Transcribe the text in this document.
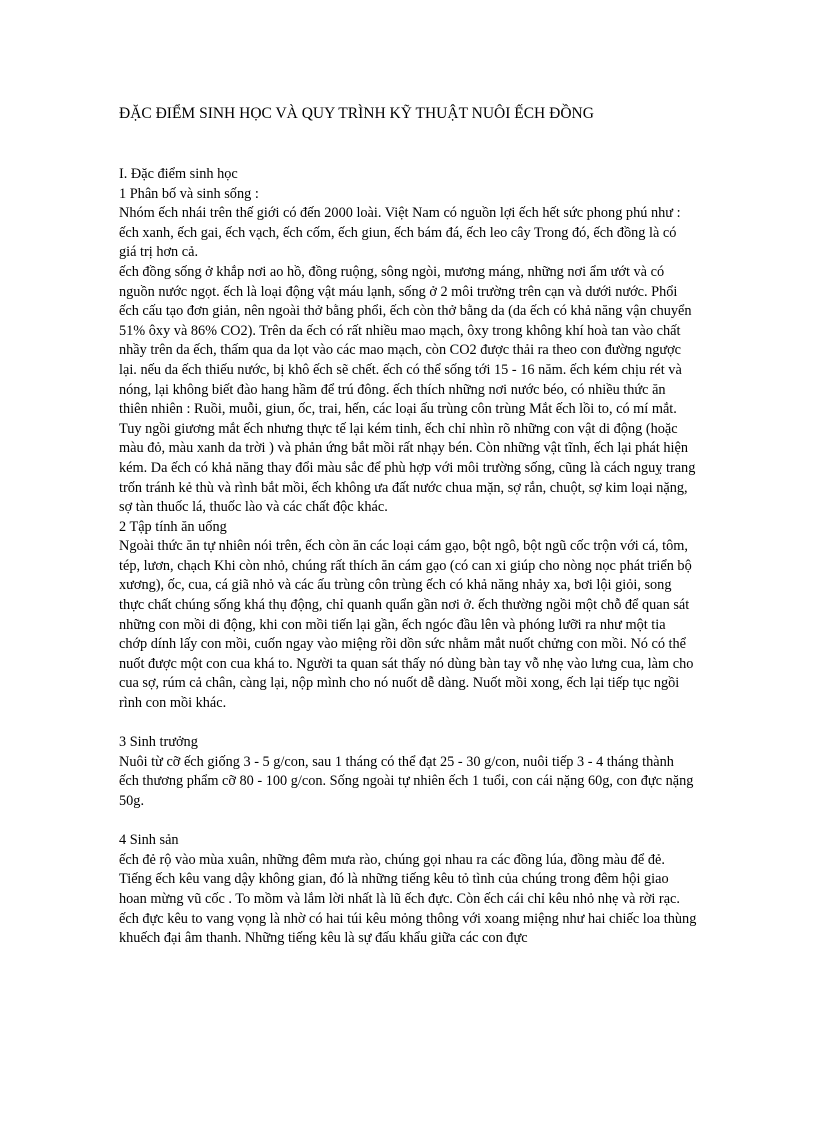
ĐẶC ĐIỂM SINH HỌC VÀ QUY TRÌNH KỸ THUẬT NUÔI ẾCH ĐỒNG

I. Đặc điểm sinh học

1 Phân bố và sinh sống :

Nhóm ếch nhái trên thế giới có đến 2000 loài. Việt Nam có nguồn lợi ếch hết sức phong phú như : ếch xanh, ếch gai, ếch vạch, ếch cốm, ếch giun, ếch bám đá, ếch leo cây Trong đó, ếch đồng là có giá trị hơn cả.

ếch đồng sống ở khắp nơi ao hồ, đồng ruộng, sông ngòi, mương máng, những nơi ẩm ướt và có nguồn nước ngọt. ếch là loại động vật máu lạnh, sống ở 2 môi trường trên cạn và dưới nước. Phổi ếch cấu tạo đơn giản, nên ngoài thở bằng phổi, ếch còn thở bằng da (da ếch có khả năng vận chuyển 51% ôxy và 86% CO2). Trên da ếch có rất nhiều mao mạch, ôxy trong không khí hoà tan vào chất nhầy trên da ếch, thấm qua da lọt vào các mao mạch, còn CO2 được thải ra theo con đường ngược lại. nếu da ếch thiếu nước, bị khô ếch sẽ chết. ếch có thể sống tới 15 - 16 năm. ếch kém chịu rét và nóng, lại không biết đào hang hầm để trú đông. ếch thích những nơi nước béo, có nhiều thức ăn thiên nhiên : Ruồi, muỗi, giun, ốc, trai, hến, các loại ấu trùng côn trùng Mắt ếch lồi to, có mí mắt. Tuy ngồi giương mắt ếch nhưng thực tế lại kém tinh, ếch chỉ nhìn rõ những con vật di động (hoặc màu đỏ, màu xanh da trời ) và phản ứng bắt mồi rất nhạy bén. Còn những vật tĩnh, ếch lại phát hiện kém. Da ếch có khả năng thay đổi màu sắc để phù hợp với môi trường sống, cũng là cách nguỵ trang trốn tránh kẻ thù và rình bắt mồi, ếch không ưa đất nước chua mặn, sợ rắn, chuột, sợ kim loại nặng, sợ tàn thuốc lá, thuốc lào và các chất độc khác.

2 Tập tính ăn uống

Ngoài thức ăn tự nhiên nói trên, ếch còn ăn các loại cám gạo, bột ngô, bột ngũ cốc trộn với cá, tôm, tép, lươn, chạch Khi còn nhỏ, chúng rất thích ăn cám gạo (có can xi giúp cho nòng nọc phát triển bộ xương), ốc, cua, cá giã nhỏ và các ấu trùng côn trùng ếch có khả năng nhảy xa, bơi lội giỏi, song thực chất chúng sống khá thụ động, chỉ quanh quẩn gần nơi ở. ếch thường ngồi một chỗ để quan sát những con mồi di động, khi con mồi tiến lại gần, ếch ngóc đầu lên và phóng lưỡi ra như một tia chớp dính lấy con mồi, cuốn ngay vào miệng rồi dồn sức nhằm mắt nuốt chửng con mồi. Nó có thể nuốt được một con cua khá to. Người ta quan sát thấy nó dùng bàn tay vỗ nhẹ vào lưng cua, làm cho cua sợ, rúm cả chân, càng lại, nộp mình cho nó nuốt dễ dàng. Nuốt mồi xong, ếch lại tiếp tục ngồi rình con mồi khác.

3 Sinh trưởng

Nuôi từ cỡ ếch giống 3 - 5 g/con, sau 1 tháng có thể đạt 25 - 30 g/con, nuôi tiếp 3 - 4 tháng thành ếch thương phẩm cỡ 80 - 100 g/con. Sống ngoài tự nhiên ếch 1 tuổi, con cái nặng 60g, con đực nặng 50g.

4 Sinh sản

ếch đẻ rộ vào mùa xuân, những đêm mưa rào, chúng gọi nhau ra các đồng lúa, đồng màu để đẻ. Tiếng ếch kêu vang dậy không gian, đó là những tiếng kêu tỏ tình của chúng trong đêm hội giao hoan mừng vũ cốc . To mồm và lắm lời nhất là lũ ếch đực. Còn ếch cái chỉ kêu nhỏ nhẹ và rời rạc.

ếch đực kêu to vang vọng là nhờ có hai túi kêu mỏng thông với xoang miệng như hai chiếc loa thùng khuếch đại âm thanh. Những tiếng kêu là sự đấu khẩu giữa các con đực
